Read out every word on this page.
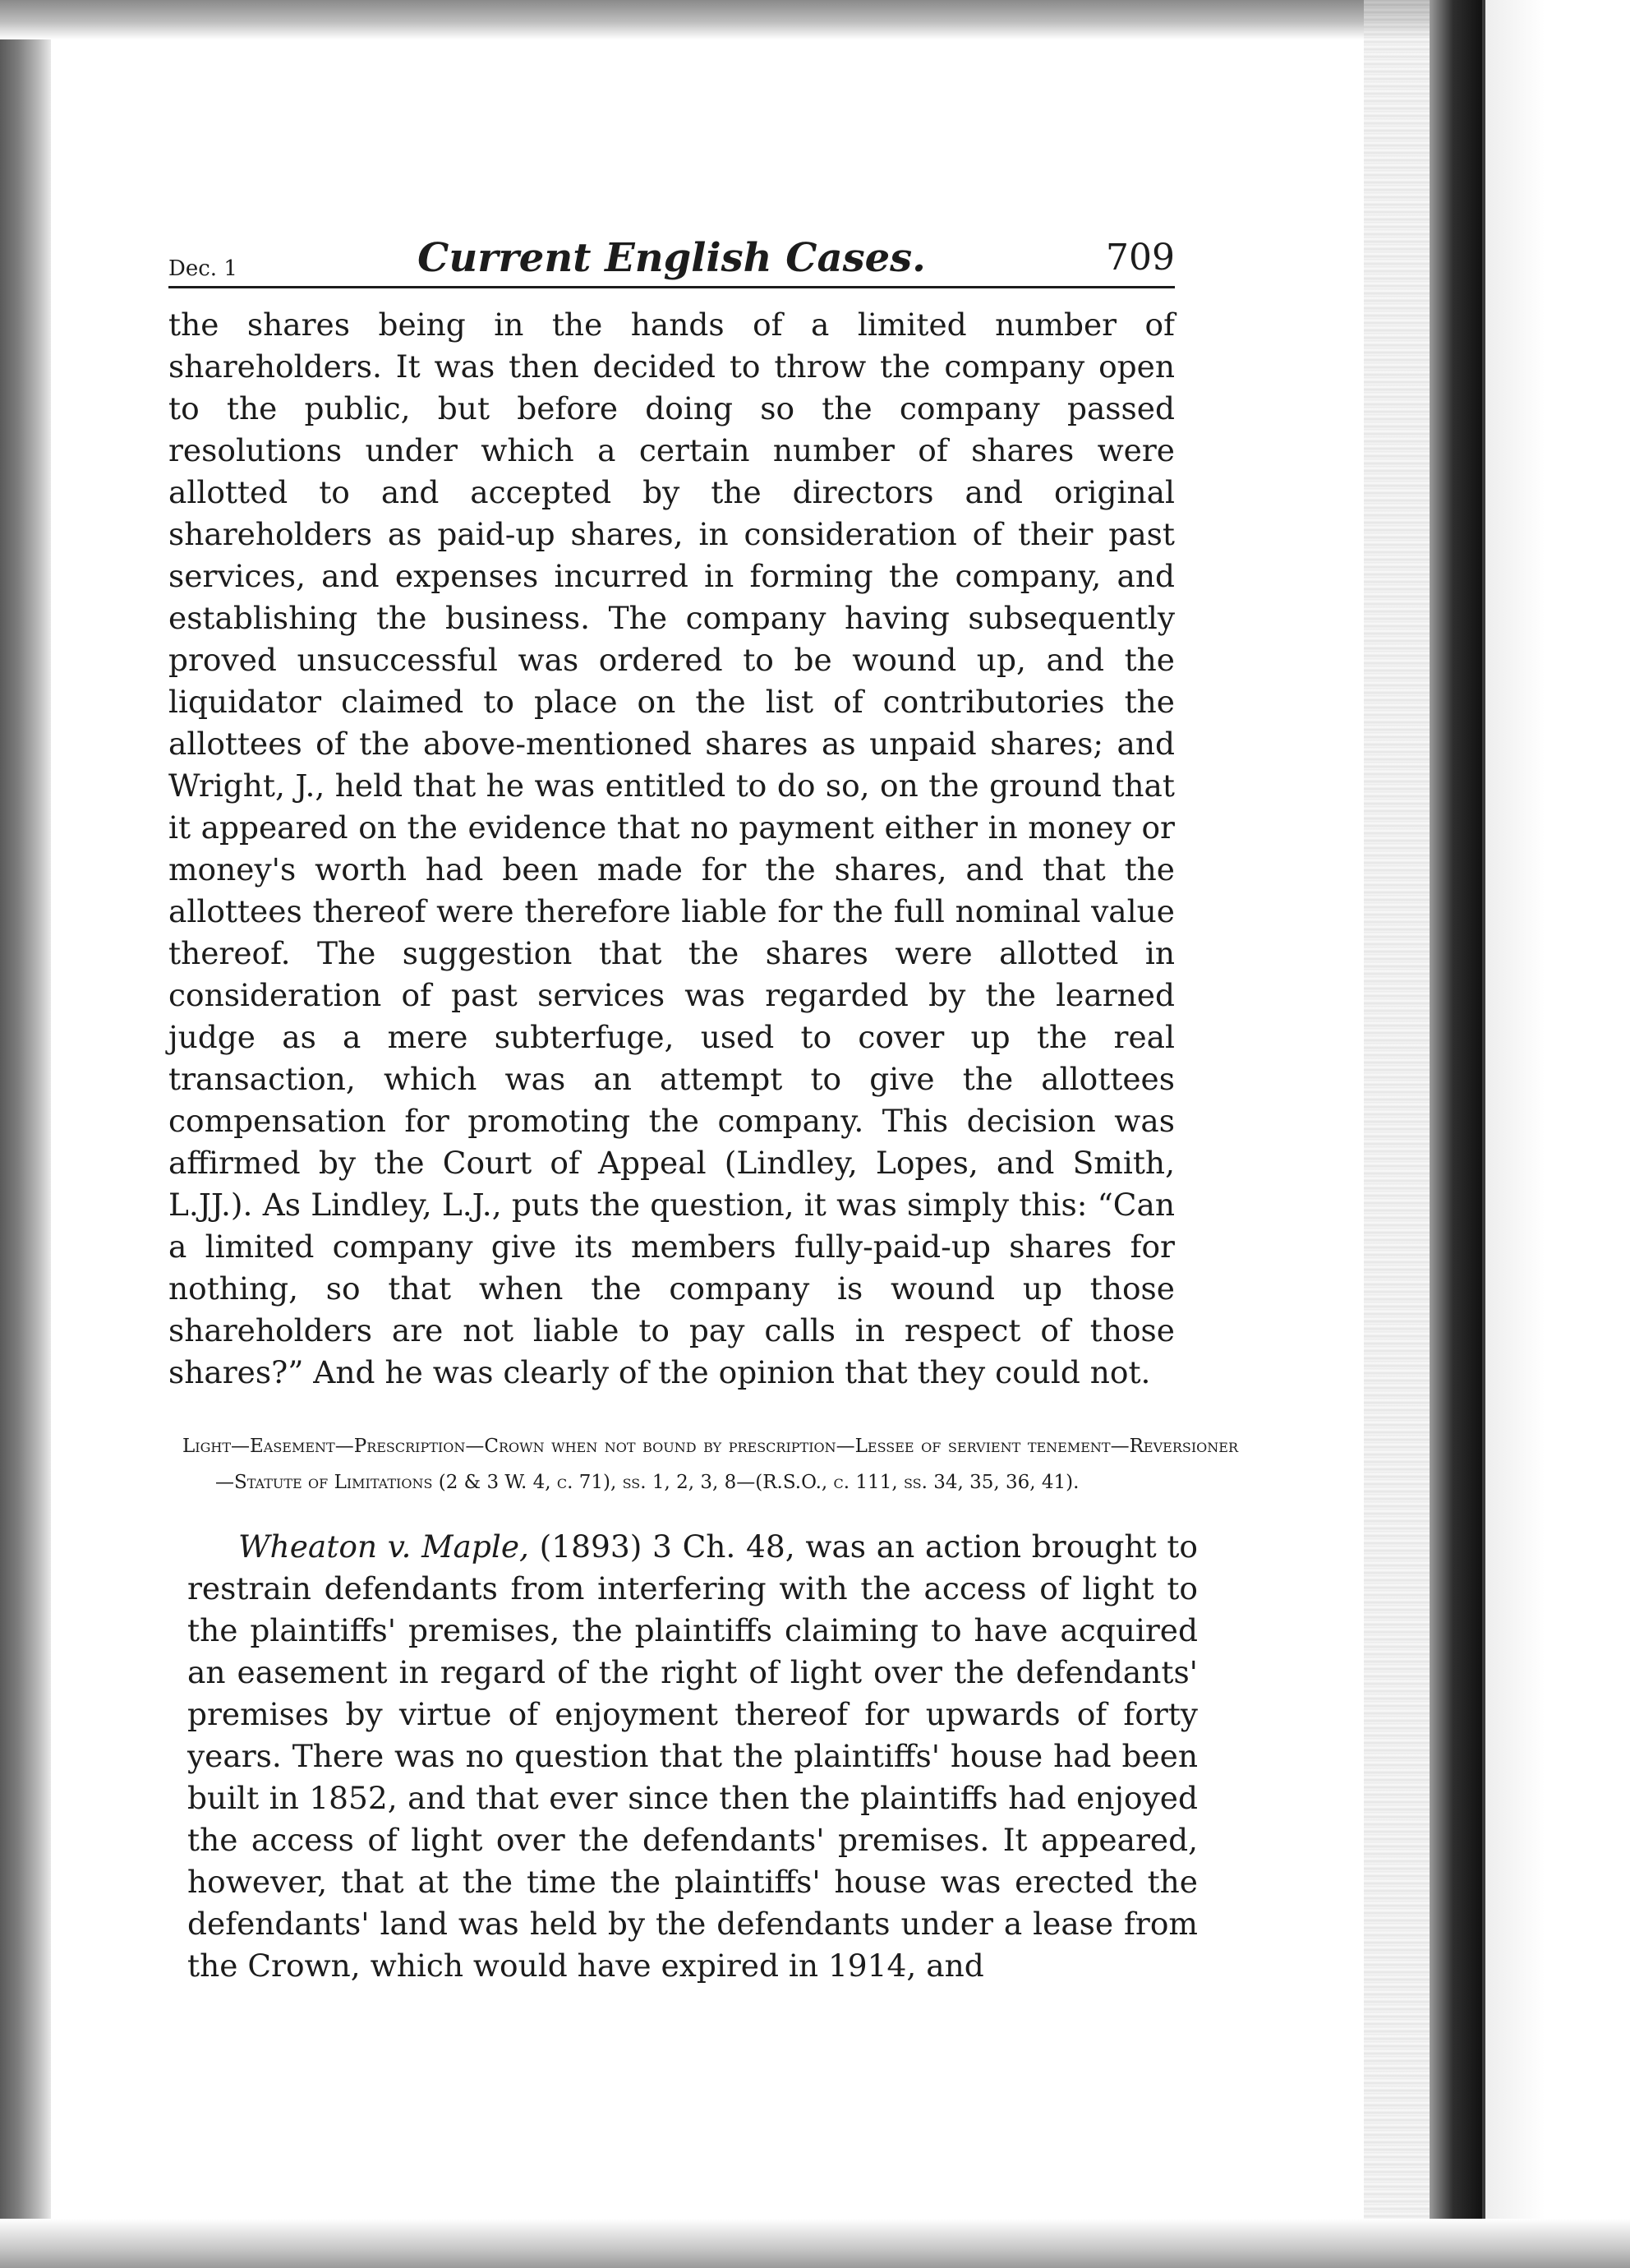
Dec. 1	Current English Cases.	709

the shares being in the hands of a limited number of shareholders. It was then decided to throw the company open to the public, but before doing so the company passed resolutions under which a certain number of shares were allotted to and accepted by the directors and original shareholders as paid-up shares, in consideration of their past services, and expenses incurred in forming the company, and establishing the business. The company having subsequently proved unsuccessful was ordered to be wound up, and the liquidator claimed to place on the list of contributories the allottees of the above-mentioned shares as unpaid shares; and Wright, J., held that he was entitled to do so, on the ground that it appeared on the evidence that no payment either in money or money's worth had been made for the shares, and that the allottees thereof were therefore liable for the full nominal value thereof. The suggestion that the shares were allotted in consideration of past services was regarded by the learned judge as a mere subterfuge, used to cover up the real transaction, which was an attempt to give the allottees compensation for promoting the company. This decision was affirmed by the Court of Appeal (Lindley, Lopes, and Smith, L.JJ.). As Lindley, L.J., puts the question, it was simply this: “Can a limited company give its members fully-paid-up shares for nothing, so that when the company is wound up those shareholders are not liable to pay calls in respect of those shares?” And he was clearly of the opinion that they could not.

Light—Easement—Prescription—Crown when not bound by prescription—Lessee of servient tenement—Reversioner—Statute of Limitations (2 & 3 W. 4, c. 71), ss. 1, 2, 3, 8—(R.S.O., c. 111, ss. 34, 35, 36, 41).

Wheaton v. Maple, (1893) 3 Ch. 48, was an action brought to restrain defendants from interfering with the access of light to the plaintiffs' premises, the plaintiffs claiming to have acquired an easement in regard of the right of light over the defendants' premises by virtue of enjoyment thereof for upwards of forty years. There was no question that the plaintiffs' house had been built in 1852, and that ever since then the plaintiffs had enjoyed the access of light over the defendants' premises. It appeared, however, that at the time the plaintiffs' house was erected the defendants' land was held by the defendants under a lease from the Crown, which would have expired in 1914, and
